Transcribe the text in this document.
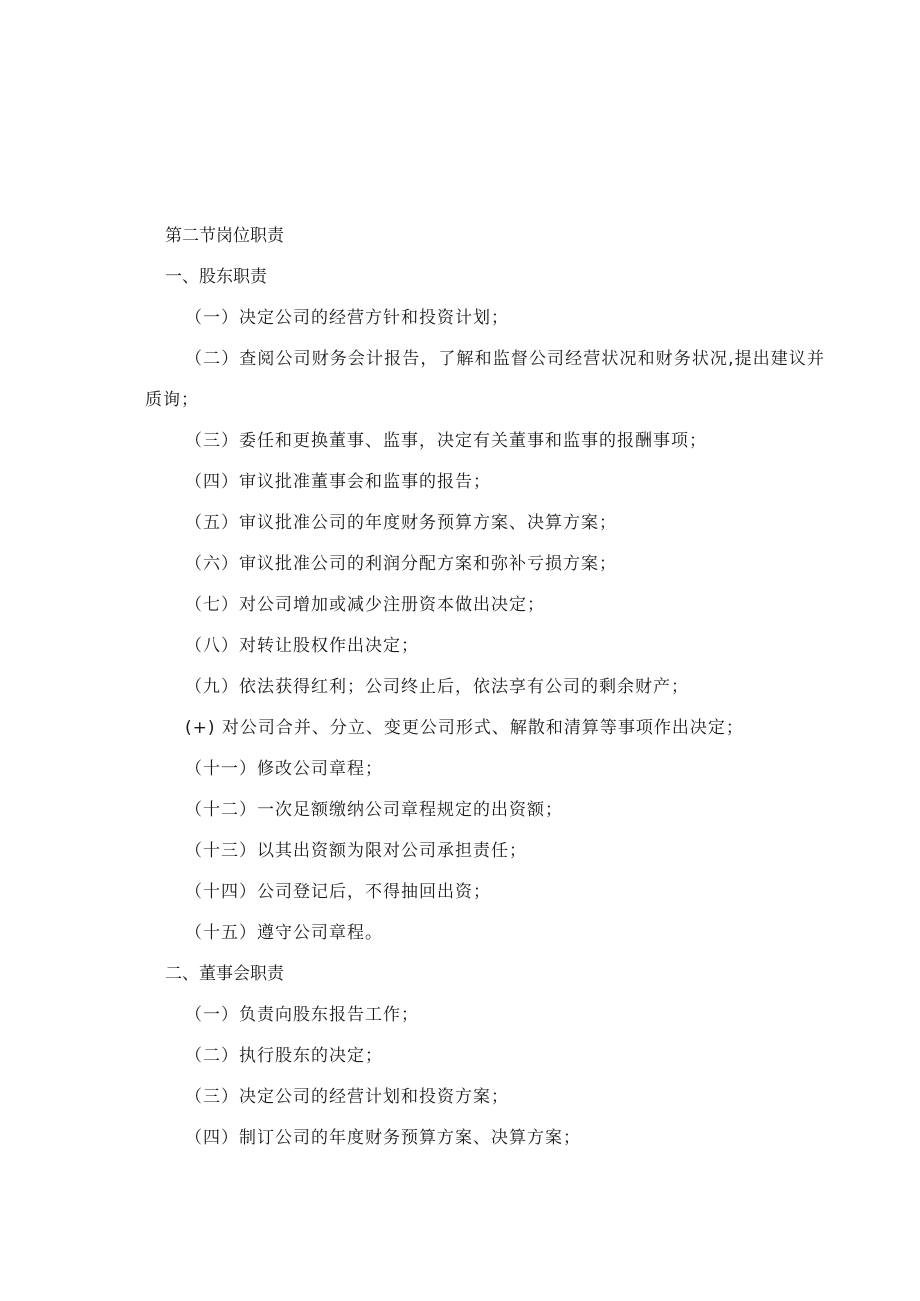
第二节岗位职责
一、股东职责
（一）决定公司的经营方针和投资计划；
（二）查阅公司财务会计报告，了解和监督公司经营状况和财务状况,提出建议并质询；
（三）委任和更换董事、监事，决定有关董事和监事的报酬事项；
（四）审议批准董事会和监事的报告；
（五）审议批准公司的年度财务预算方案、决算方案；
（六）审议批准公司的利润分配方案和弥补亏损方案；
（七）对公司增加或减少注册资本做出决定；
（八）对转让股权作出决定；
（九）依法获得红利；公司终止后，依法享有公司的剩余财产；
(+) 对公司合并、分立、变更公司形式、解散和清算等事项作出决定；
（十一）修改公司章程；
（十二）一次足额缴纳公司章程规定的出资额；
（十三）以其出资额为限对公司承担责任；
（十四）公司登记后，不得抽回出资；
（十五）遵守公司章程。
二、董事会职责
（一）负责向股东报告工作；
（二）执行股东的决定；
（三）决定公司的经营计划和投资方案；
（四）制订公司的年度财务预算方案、决算方案；
